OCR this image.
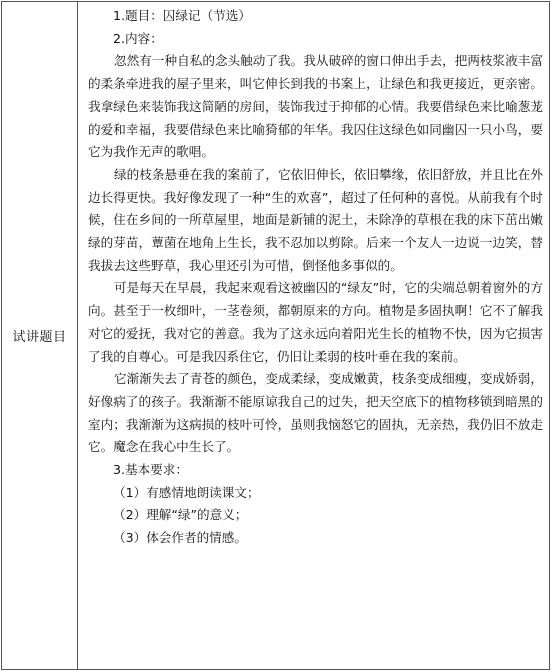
试讲题目

1.题目：囚绿记（节选）

2.内容：

忽然有一种自私的念头触动了我。我从破碎的窗口伸出手去，把两枝浆液丰富的柔条牵进我的屋子里来，叫它伸长到我的书案上，让绿色和我更接近，更亲密。我拿绿色来装饰我这简陋的房间，装饰我过于抑郁的心情。我要借绿色来比喻葱茏的爱和幸福，我要借绿色来比喻猗郁的年华。我囚住这绿色如同幽囚一只小鸟，要它为我作无声的歌唱。

绿的枝条悬垂在我的案前了，它依旧伸长，依旧攀缘，依旧舒放，并且比在外边长得更快。我好像发现了一种“生的欢喜”，超过了任何种的喜悦。从前我有个时候，住在乡间的一所草屋里，地面是新铺的泥土，未除净的草根在我的床下茁出嫩绿的芽苗，蕈菌在地角上生长，我不忍加以剪除。后来一个友人一边说一边笑，替我拔去这些野草，我心里还引为可惜，倒怪他多事似的。

可是每天在早晨，我起来观看这被幽囚的“绿友”时，它的尖端总朝着窗外的方向。甚至于一枚细叶，一茎卷须，都朝原来的方向。植物是多固执啊！它不了解我对它的爱抚，我对它的善意。我为了这永远向着阳光生长的植物不快，因为它损害了我的自尊心。可是我囚系住它，仍旧让柔弱的枝叶垂在我的案前。

它渐渐失去了青苍的颜色，变成柔绿，变成嫩黄，枝条变成细瘦，变成娇弱，好像病了的孩子。我渐渐不能原谅我自己的过失，把天空底下的植物移锁到暗黑的室内；我渐渐为这病损的枝叶可怜，虽则我恼怒它的固执，无亲热，我仍旧不放走它。魔念在我心中生长了。

3.基本要求：

（1）有感情地朗读课文；

（2）理解“绿”的意义；

（3）体会作者的情感。
